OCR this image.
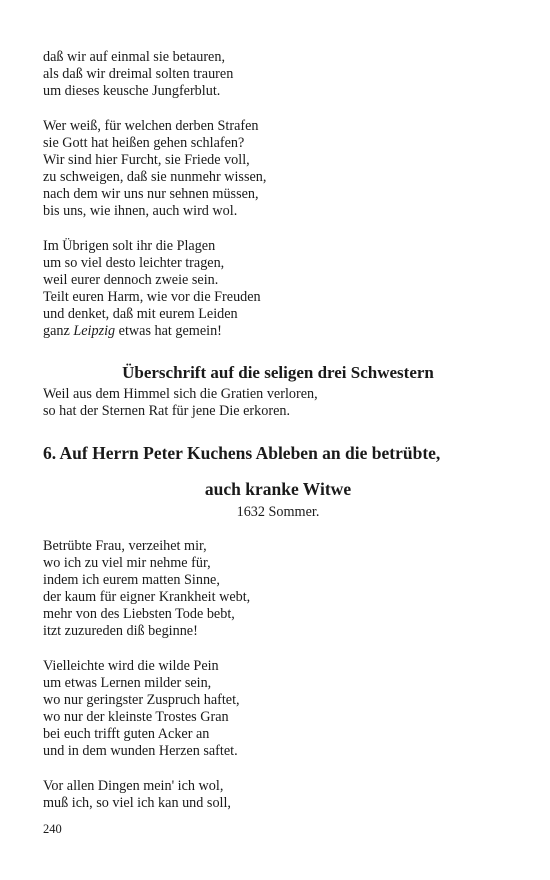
daß wir auf einmal sie betauren,
als daß wir dreimal solten trauren
um dieses keusche Jungferblut.
Wer weiß, für welchen derben Strafen
sie Gott hat heißen gehen schlafen?
Wir sind hier Furcht, sie Friede voll,
zu schweigen, daß sie nunmehr wissen,
nach dem wir uns nur sehnen müssen,
bis uns, wie ihnen, auch wird wol.
Im Übrigen solt ihr die Plagen
um so viel desto leichter tragen,
weil eurer dennoch zweie sein.
Teilt euren Harm, wie vor die Freuden
und denket, daß mit eurem Leiden
ganz Leipzig etwas hat gemein!
Überschrift auf die seligen drei Schwestern
Weil aus dem Himmel sich die Gratien verloren,
so hat der Sternen Rat für jene Die erkoren.
6. Auf Herrn Peter Kuchens Ableben an die betrübte,
auch kranke Witwe
1632 Sommer.
Betrübte Frau, verzeihet mir,
wo ich zu viel mir nehme für,
indem ich eurem matten Sinne,
der kaum für eigner Krankheit webt,
mehr von des Liebsten Tode bebt,
itzt zuzureden diß beginne!
Vielleichte wird die wilde Pein
um etwas Lernen milder sein,
wo nur geringster Zuspruch haftet,
wo nur der kleinste Trostes Gran
bei euch trifft guten Acker an
und in dem wunden Herzen saftet.
Vor allen Dingen mein' ich wol,
muß ich, so viel ich kan und soll,
240
